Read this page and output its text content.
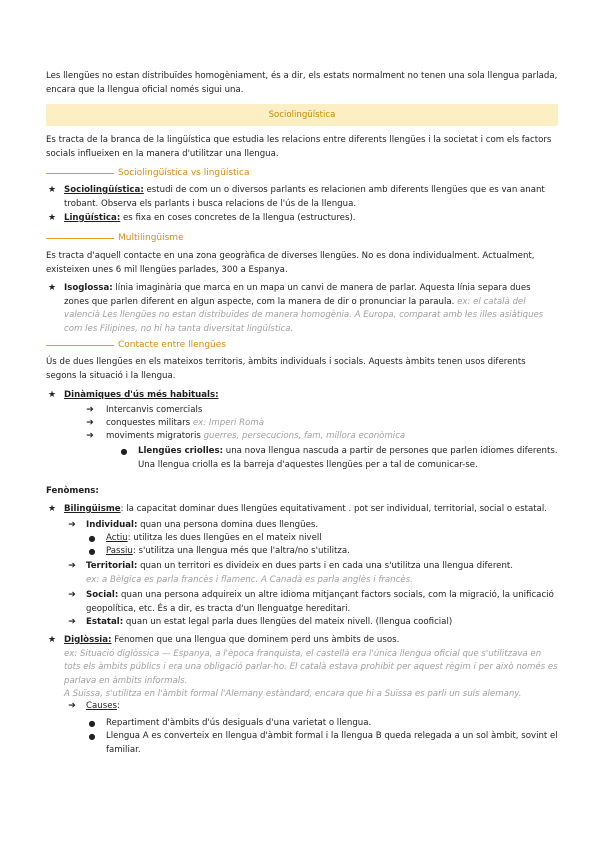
Les llengües no estan distribuïdes homogèniament, és a dir, els estats normalment no tenen una sola llengua parlada, encara que la llengua oficial només sigui una.
Sociolingüística
Es tracta de la branca de la lingüística que estudia les relacions entre diferents llengües i la societat i com els factors socials influeixen en la manera d'utilitzar una llengua.
Sociolingüística vs lingüística
★ Sociolingüística: estudi de com un o diversos parlants es relacionen amb diferents llengües que es van anant trobant. Observa els parlants i busca relacions de l'ús de la llengua.
★ Lingüística: es fixa en coses concretes de la llengua (estructures).
Multilingüisme
Es tracta d'aquell contacte en una zona geogràfica de diverses llengües. No es dona individualment. Actualment, existeixen unes 6 mil llengües parlades, 300 a Espanya.
★ Isoglossa: línia imaginària que marca en un mapa un canvi de manera de parlar. Aquesta línia separa dues zones que parlen diferent en algun aspecte, com la manera de dir o pronunciar la paraula. ex: el català del valencià Les llengües no estan distribuïdes de manera homogènia. A Europa, comparat amb les illes asiàtiques com les Filipines, no hi ha tanta diversitat lingüística.
Contacte entre llengües
Ús de dues llengües en els mateixos territoris, àmbits individuals i socials. Aquests àmbits tenen usos diferents segons la situació i la llengua.
★ Dinàmiques d'ús més habituals:
➔ Intercanvis comercials
➔ conquestes militars ex: Imperi Romà
➔ moviments migratoris guerres, persecucions, fam, millora econòmica
● Llengües criolles: una nova llengua nascuda a partir de persones que parlen idiomes diferents. Una llengua criolla es la barreja d'aquestes llengües per a tal de comunicar-se.
Fenòmens:
★ Bilingüisme: la capacitat dominar dues llengües equitativament . pot ser individual, territorial, social o estatal.
➔ Individual: quan una persona domina dues llengües.
● Actiu: utilitza les dues llengües en el mateix nivell
● Passiu: s'utilitza una llengua més que l'altra/no s'utilitza.
➔ Territorial: quan un territori es divideix en dues parts i en cada una s'utilitza una llengua diferent.
ex: a Bèlgica es parla francès i flamenc. A Canadà es parla anglès i francès.
➔ Social: quan una persona adquireix un altre idioma mitjançant factors socials, com la migració, la unificació geopolítica, etc. És a dir, es tracta d'un llenguatge hereditari.
➔ Estatal: quan un estat legal parla dues llengües del mateix nivell. (llengua cooficial)
★ Diglòssia: Fenomen que una llengua que dominem perd uns àmbits de usos.
ex: Situació diglòssica — Espanya, a l'època franquista, el castellà era l'única llengua oficial que s'utilitzava en tots els àmbits públics i era una obligació parlar-ho. El català estava prohibit per aquest règim i per això només es parlava en àmbits informals.
A Suïssa, s'utilitza en l'àmbit formal l'Alemany estàndard, encara que hi a Suïssa es parli un suís alemany.
➔ Causes:
● Repartiment d'àmbits d'ús desiguals d'una varietat o llengua.
● Llengua A es converteix en llengua d'àmbit formal i la llengua B queda relegada a un sol àmbit, sovint el familiar.
